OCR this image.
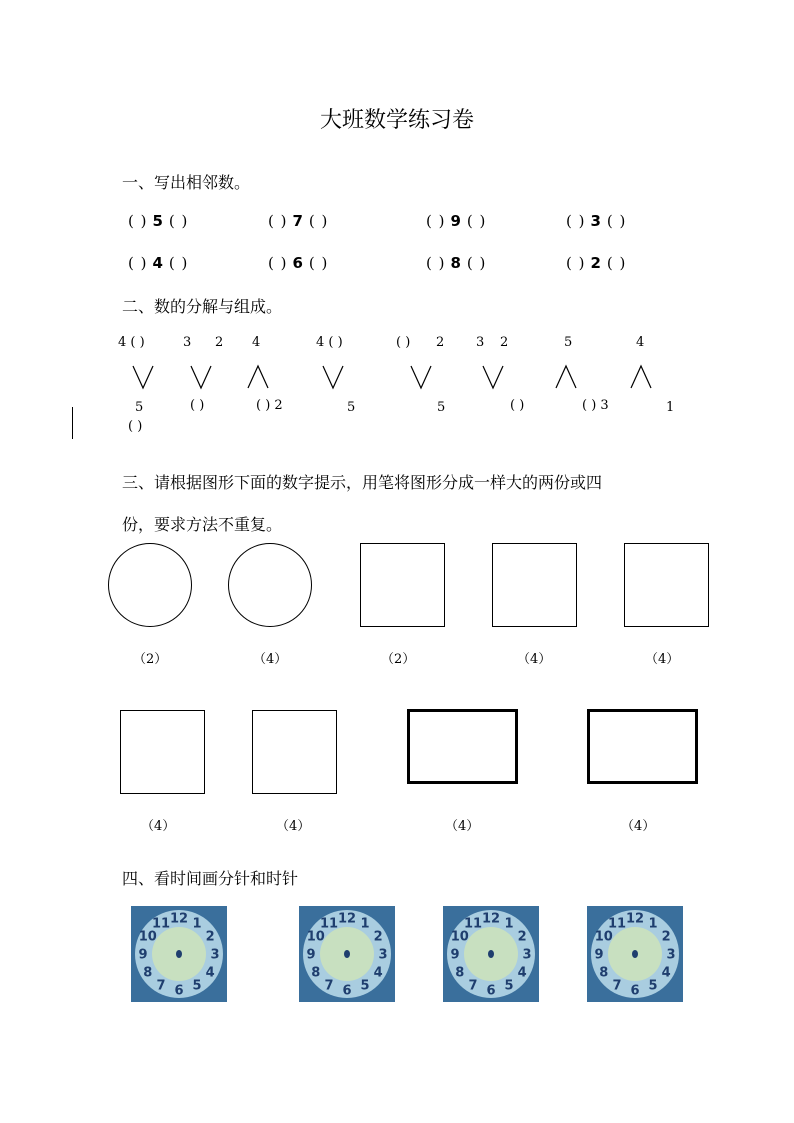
大班数学练习卷
一、写出相邻数。
( ) 5 ( )	( ) 7 ( )	( ) 9 ( )	( ) 3 ( )
( ) 4 ( )	( ) 6 ( )	( ) 8 ( )	( ) 2 ( )
二、数的分解与组成。
4 ( )	3 2 4	4 ( )	( ) 2 3 2	5	4
5	( )	( ) 2	5	5	( )	( ) 3	1
( )
三、请根据图形下面的数字提示，用笔将图形分成一样大的两份或四
份，要求方法不重复。
（2）	（4）	（2）	（4）	（4）
（4）	（4）	（4）	（4）
四、看时间画分针和时针
12 1
2
3
4
5
6
7
8
9
10
11	12 1
2
3
4
5
6
7
8
9
10
11	12 1
2
3
4
5
6
7
8
9
10
11	12 1
2
3
4
5
6
7
8
9
10
11
